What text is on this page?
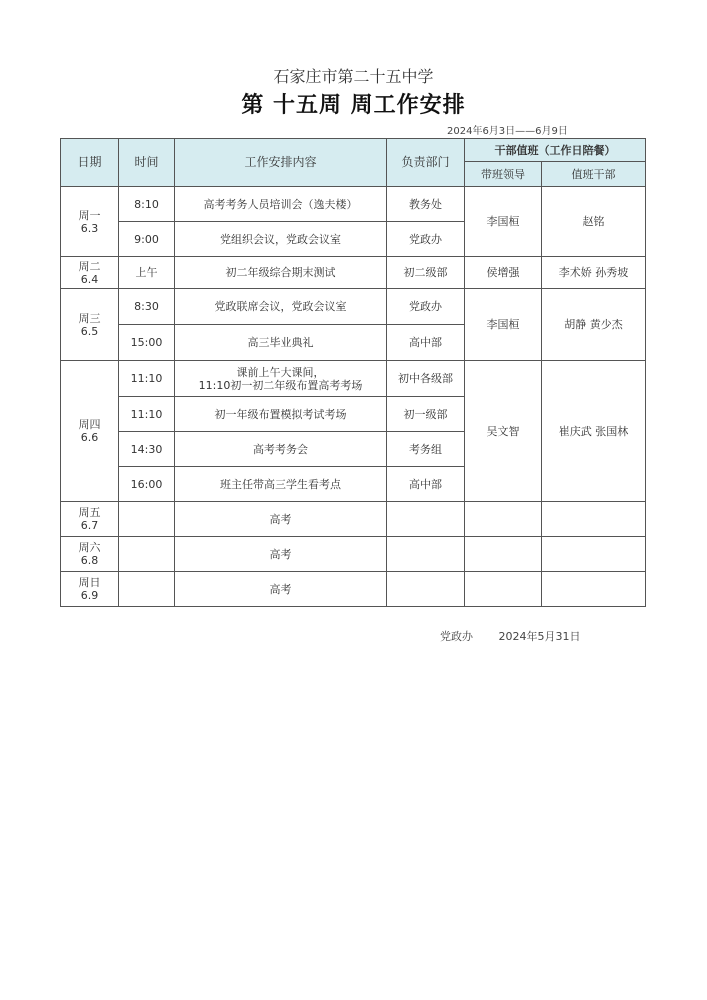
石家庄市第二十五中学
第 十五周 周工作安排
2024年6月3日——6月9日
日期	时间	工作安排内容	负责部门	干部值班（工作日陪餐）	
				带班领导	值班干部

周一
6.3	8:10	高考考务人员培训会（逸夫楼）	教务处	李国桓	赵铭
	9:00	党组织会议，党政会议室	党政办		

周二
6.4	上午	初二年级综合期末测试	初二级部	侯增强	李术娇 孙秀坡

周三
6.5	8:30	党政联席会议，党政会议室	党政办	李国桓	胡静 黄少杰
	15:00	高三毕业典礼	高中部		

周四
6.6	11:10	课前上午大课间，
11:10初一初二年级布置高考考场	初中各级部	吴文智	崔庆武 张国林
	11:10	初一年级布置模拟考试考场	初一级部		
	14:30	高考考务会	考务组		
	16:00	班主任带高三学生看考点	高中部		

周五
6.7		高考			

周六
6.8		高考			

周日
6.9		高考			
党政办 2024年5月31日
